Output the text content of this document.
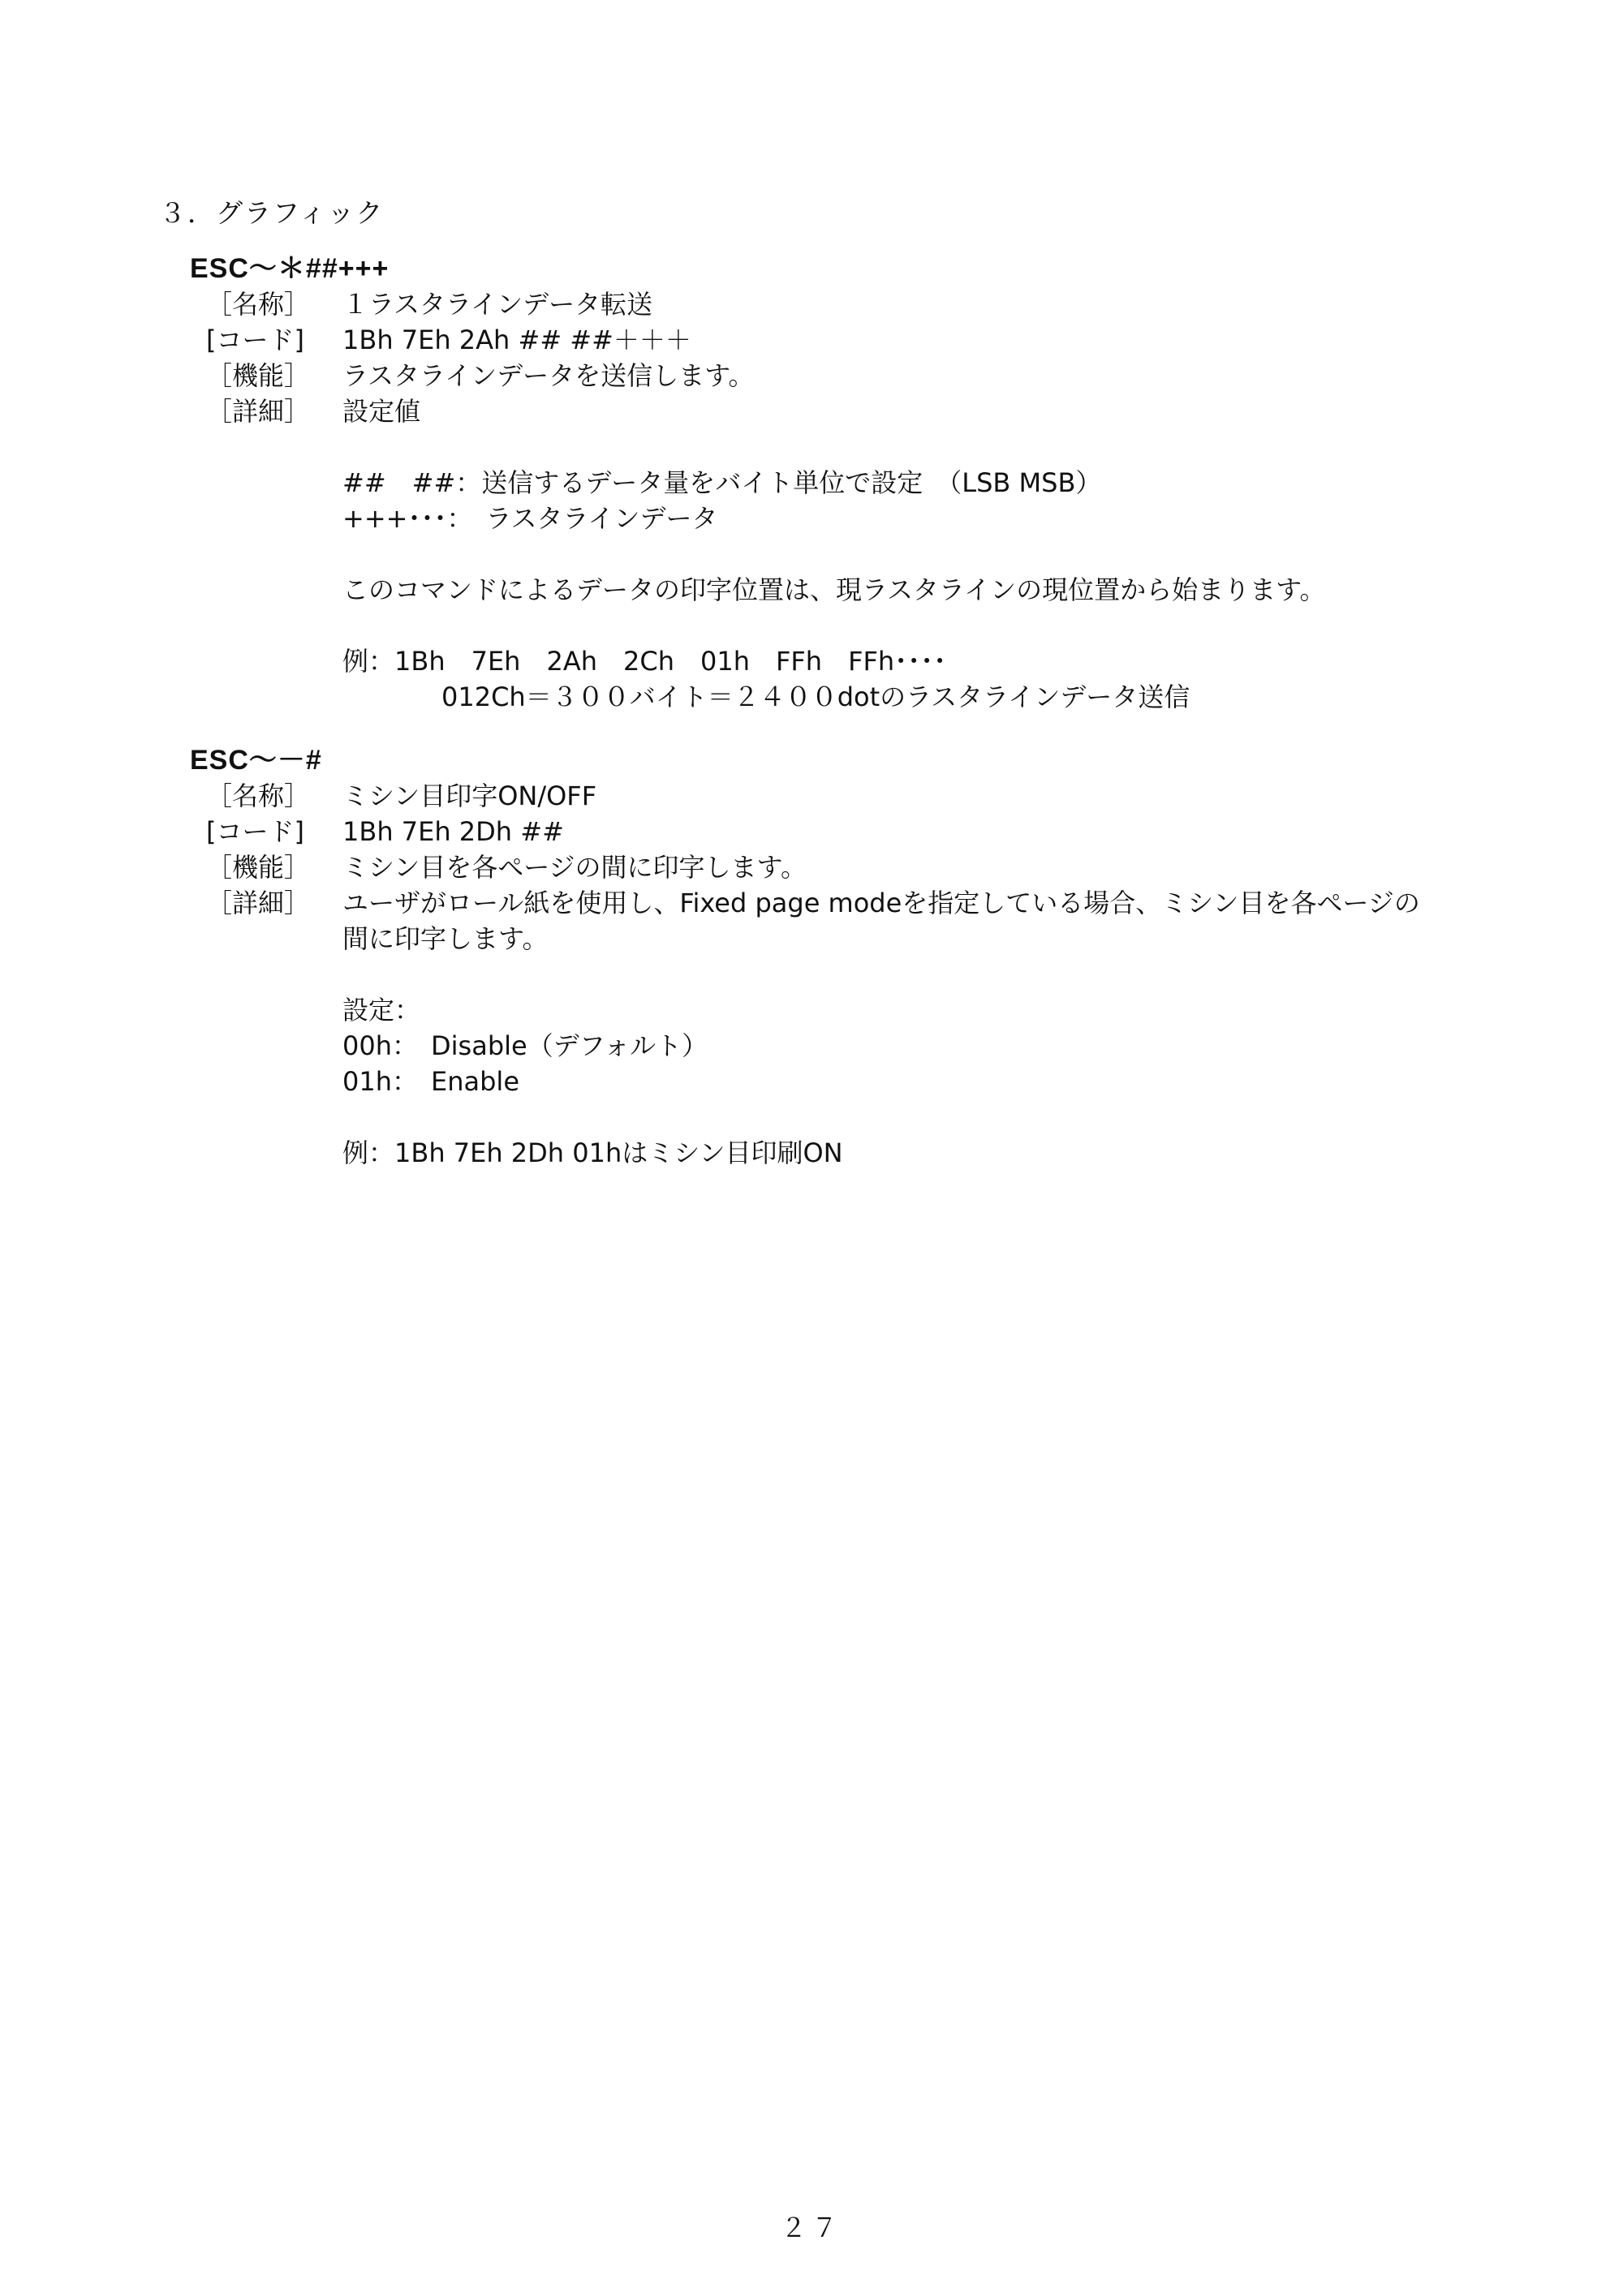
３．グラフィック
ESC～＊##+++
［名称］	１ラスタラインデータ転送
[コード]	1Bh 7Eh 2Ah ## ##＋＋＋
［機能］	ラスタラインデータを送信します。
［詳細］	設定値
##　##：送信するデータ量をバイト単位で設定　（LSB MSB）
+++･･･：　ラスタラインデータ
このコマンドによるデータの印字位置は、現ラスタラインの現位置から始まります。
例：1Bh　7Eh　2Ah　2Ch　01h　FFh　FFh････
012Ch＝３００バイト＝２４００dotのラスタラインデータ送信
ESC～－#
［名称］	ミシン目印字ON/OFF
[コード]	1Bh 7Eh 2Dh ##
［機能］	ミシン目を各ページの間に印字します。
［詳細］	ユーザがロール紙を使用し、Fixed page modeを指定している場合、ミシン目を各ページの
間に印字します。
設定：
00h：　Disable（デフォルト）
01h：　Enable
例：1Bh 7Eh 2Dh 01hはミシン目印刷ON
２７
